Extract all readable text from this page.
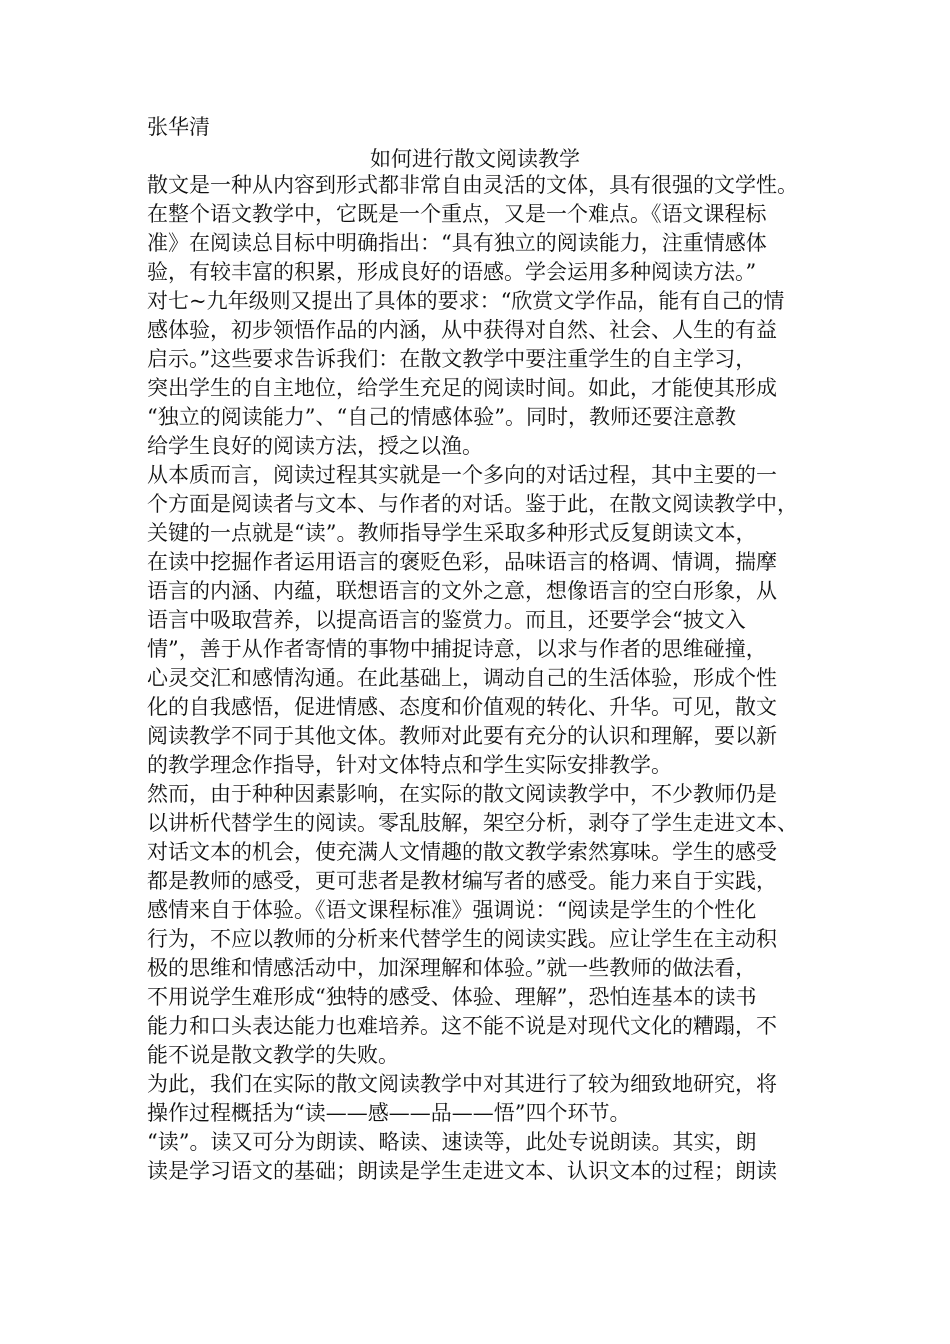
张华清
如何进行散文阅读教学
散文是一种从内容到形式都非常自由灵活的文体，具有很强的文学性。
在整个语文教学中，它既是一个重点，又是一个难点。《语文课程标
准》在阅读总目标中明确指出：“具有独立的阅读能力，注重情感体
验，有较丰富的积累，形成良好的语感。学会运用多种阅读方法。”
对七~九年级则又提出了具体的要求：“欣赏文学作品，能有自己的情
感体验，初步领悟作品的内涵，从中获得对自然、社会、人生的有益
启示。”这些要求告诉我们：在散文教学中要注重学生的自主学习，
突出学生的自主地位，给学生充足的阅读时间。如此，才能使其形成
“独立的阅读能力”、“自己的情感体验”。同时，教师还要注意教
给学生良好的阅读方法，授之以渔。
从本质而言，阅读过程其实就是一个多向的对话过程，其中主要的一
个方面是阅读者与文本、与作者的对话。鉴于此，在散文阅读教学中，
关键的一点就是“读”。教师指导学生采取多种形式反复朗读文本，
在读中挖掘作者运用语言的褒贬色彩，品味语言的格调、情调，揣摩
语言的内涵、内蕴，联想语言的文外之意，想像语言的空白形象，从
语言中吸取营养，以提高语言的鉴赏力。而且，还要学会“披文入
情”，善于从作者寄情的事物中捕捉诗意，以求与作者的思维碰撞，
心灵交汇和感情沟通。在此基础上，调动自己的生活体验，形成个性
化的自我感悟，促进情感、态度和价值观的转化、升华。可见，散文
阅读教学不同于其他文体。教师对此要有充分的认识和理解，要以新
的教学理念作指导，针对文体特点和学生实际安排教学。
然而，由于种种因素影响，在实际的散文阅读教学中，不少教师仍是
以讲析代替学生的阅读。零乱肢解，架空分析，剥夺了学生走进文本、
对话文本的机会，使充满人文情趣的散文教学索然寡味。学生的感受
都是教师的感受，更可悲者是教材编写者的感受。能力来自于实践，
感情来自于体验。《语文课程标准》强调说：“阅读是学生的个性化
行为，不应以教师的分析来代替学生的阅读实践。应让学生在主动积
极的思维和情感活动中，加深理解和体验。”就一些教师的做法看，
不用说学生难形成“独特的感受、体验、理解”，恐怕连基本的读书
能力和口头表达能力也难培养。这不能不说是对现代文化的糟蹋，不
能不说是散文教学的失败。
为此，我们在实际的散文阅读教学中对其进行了较为细致地研究，将
操作过程概括为“读——感——品——悟”四个环节。
“读”。读又可分为朗读、略读、速读等，此处专说朗读。其实，朗
读是学习语文的基础；朗读是学生走进文本、认识文本的过程；朗读
